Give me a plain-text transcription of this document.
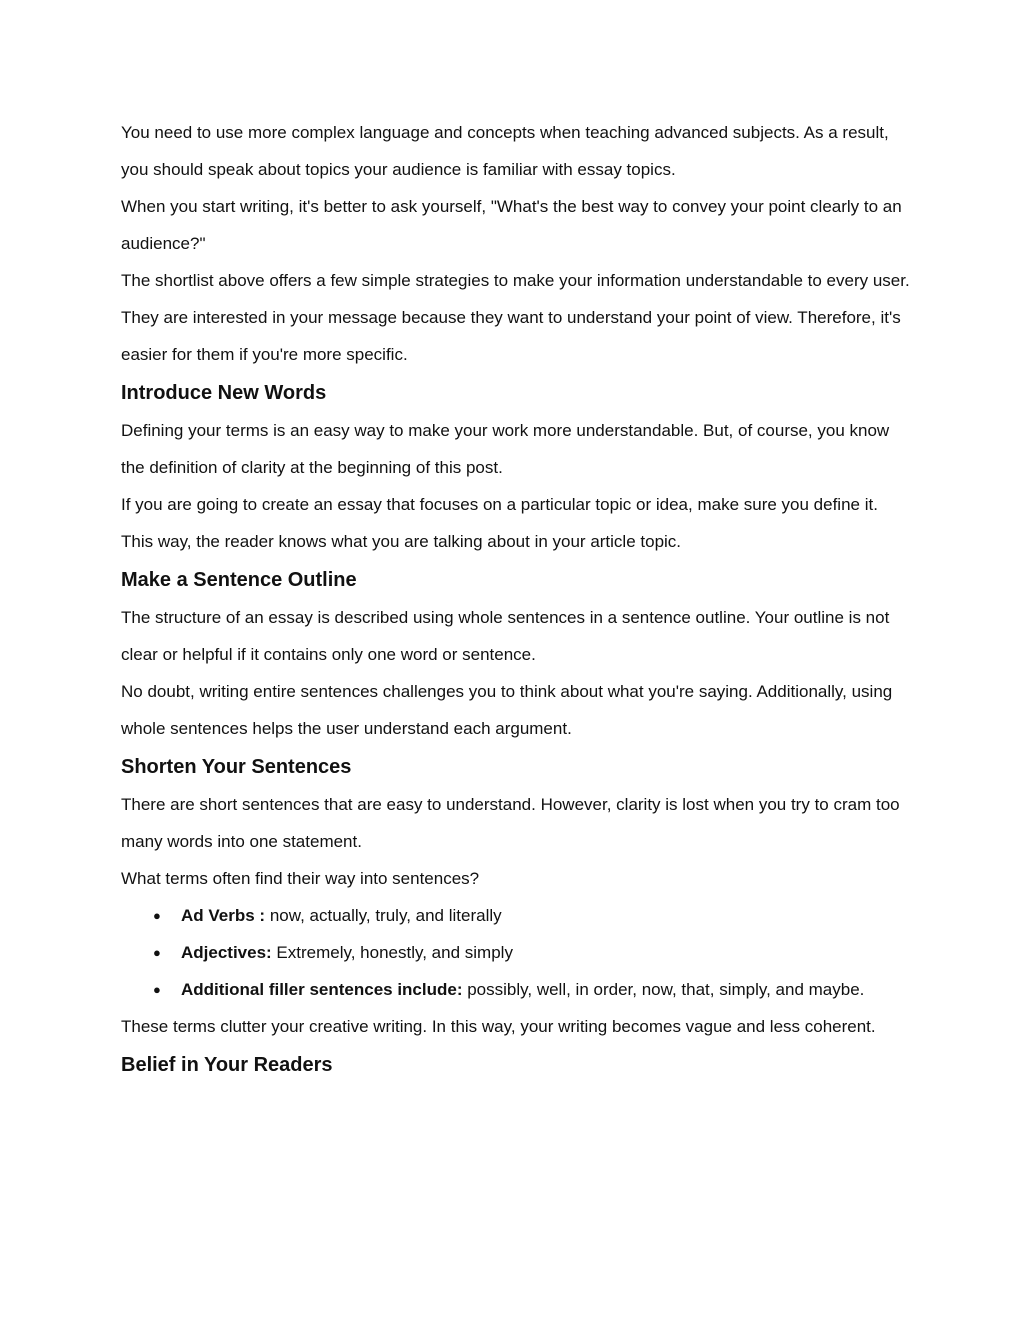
You need to use more complex language and concepts when teaching advanced subjects. As a result, you should speak about topics your audience is familiar with essay topics.

When you start writing, it's better to ask yourself, "What's the best way to convey your point clearly to an audience?"

The shortlist above offers a few simple strategies to make your information understandable to every user. They are interested in your message because they want to understand your point of view. Therefore, it's easier for them if you're more specific.

Introduce New Words

Defining your terms is an easy way to make your work more understandable. But, of course, you know the definition of clarity at the beginning of this post.

If you are going to create an essay that focuses on a particular topic or idea, make sure you define it. This way, the reader knows what you are talking about in your article topic.

Make a Sentence Outline

The structure of an essay is described using whole sentences in a sentence outline. Your outline is not clear or helpful if it contains only one word or sentence.

No doubt, writing entire sentences challenges you to think about what you're saying. Additionally, using whole sentences helps the user understand each argument.

Shorten Your Sentences

There are short sentences that are easy to understand. However, clarity is lost when you try to cram too many words into one statement.

What terms often find their way into sentences?

● Ad Verbs : now, actually, truly, and literally
● Adjectives: Extremely, honestly, and simply
● Additional filler sentences include: possibly, well, in order, now, that, simply, and maybe.

These terms clutter your creative writing. In this way, your writing becomes vague and less coherent.

Belief in Your Readers
